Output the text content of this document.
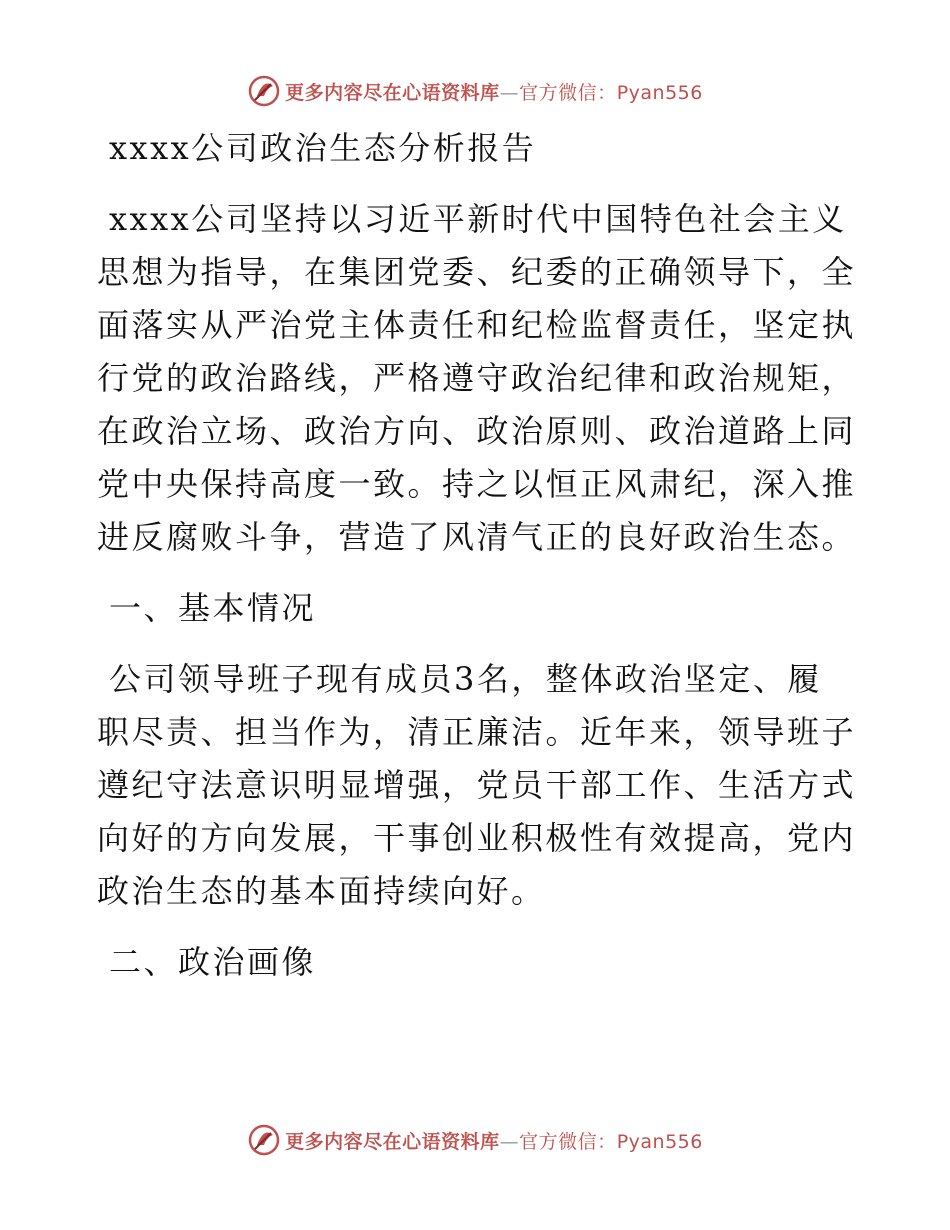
更多内容尽在心语资料库—官方微信：Pyan556
xxxx公司政治生态分析报告
xxxx公司坚持以习近平新时代中国特色社会主义
思想为指导，在集团党委、纪委的正确领导下，全
面落实从严治党主体责任和纪检监督责任，坚定执
行党的政治路线，严格遵守政治纪律和政治规矩，
在政治立场、政治方向、政治原则、政治道路上同
党中央保持高度一致。持之以恒正风肃纪，深入推
进反腐败斗争，营造了风清气正的良好政治生态。
一、基本情况
公司领导班子现有成员3名，整体政治坚定、履
职尽责、担当作为，清正廉洁。近年来，领导班子
遵纪守法意识明显增强，党员干部工作、生活方式
向好的方向发展，干事创业积极性有效提高，党内
政治生态的基本面持续向好。
二、政治画像
更多内容尽在心语资料库—官方微信：Pyan556
